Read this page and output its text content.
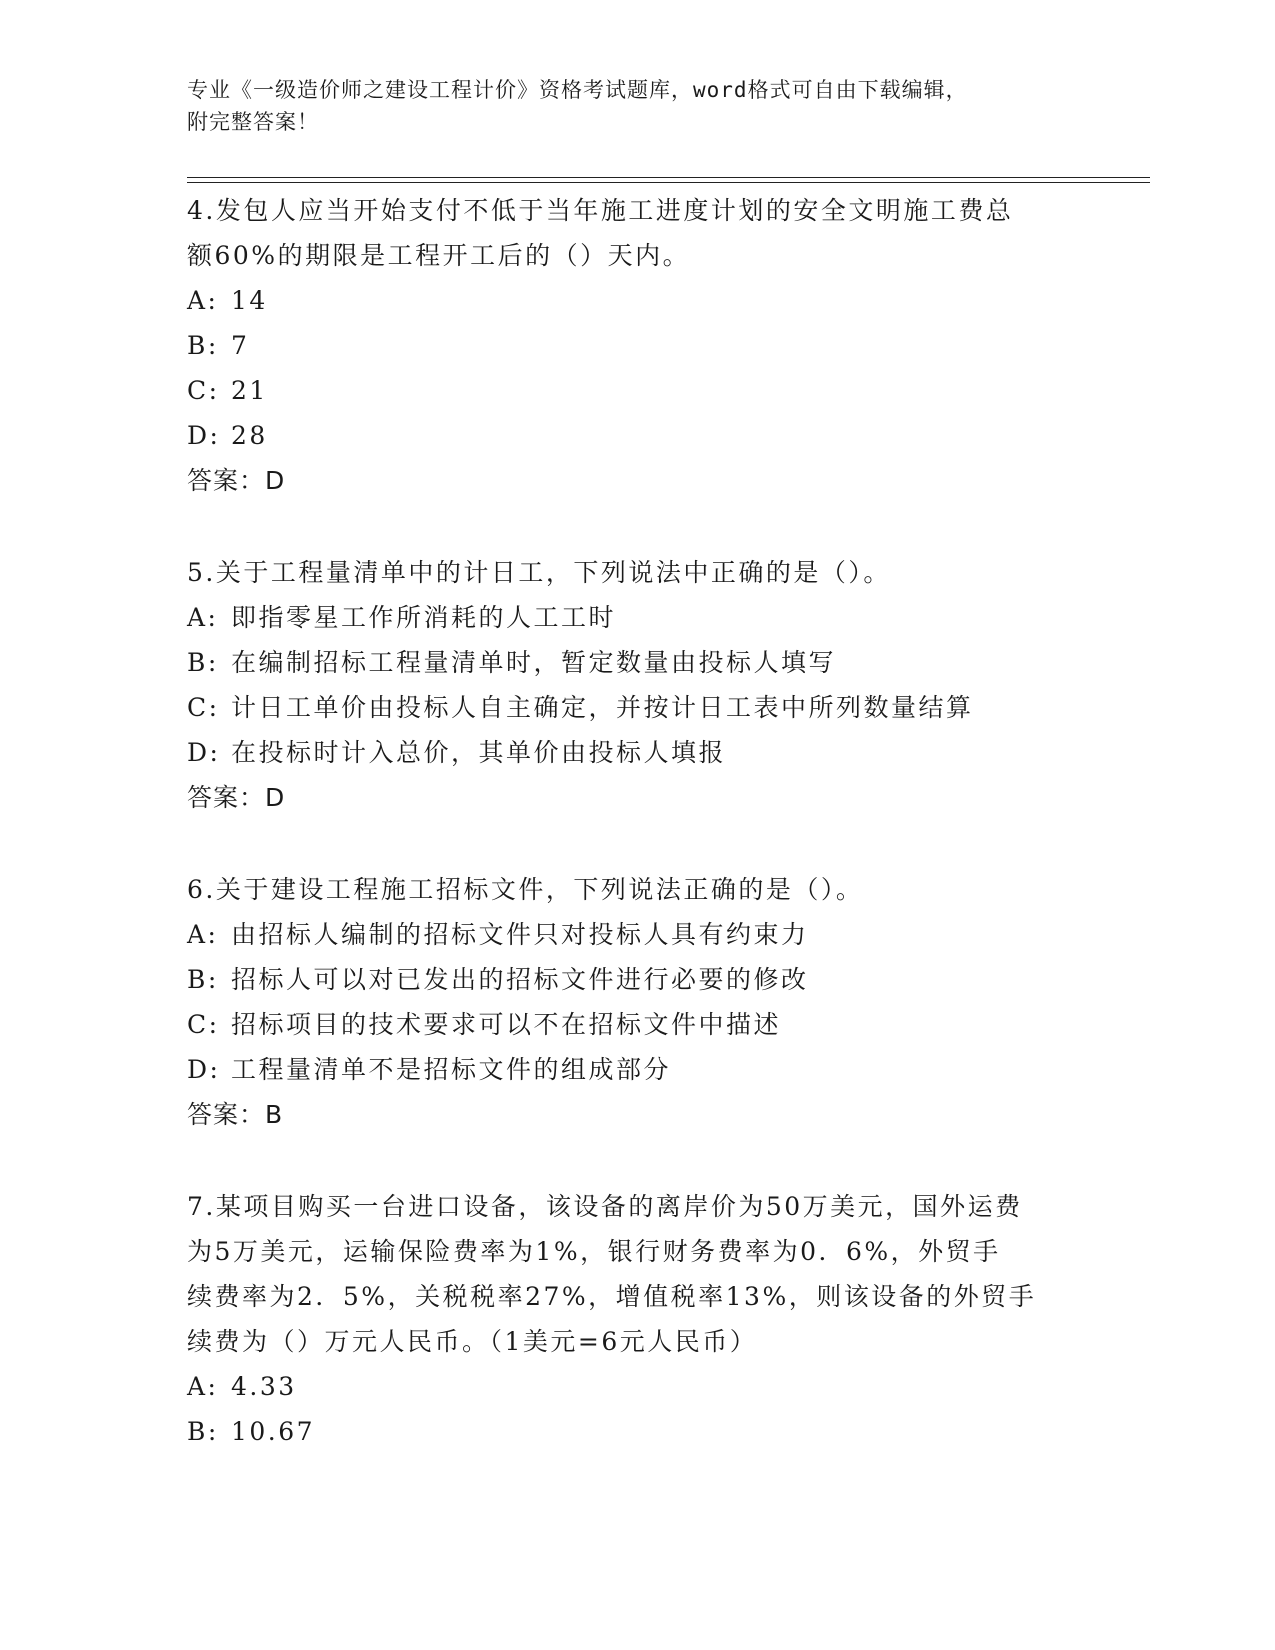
专业《一级造价师之建设工程计价》资格考试题库，word格式可自由下载编辑，
附完整答案！

4.发包人应当开始支付不低于当年施工进度计划的安全文明施工费总

额60%的期限是工程开工后的（）天内。

A: 14

B: 7

C: 21

D: 28

答案：D

5.关于工程量清单中的计日工，下列说法中正确的是（）。

A: 即指零星工作所消耗的人工工时

B: 在编制招标工程量清单时，暂定数量由投标人填写

C: 计日工单价由投标人自主确定，并按计日工表中所列数量结算

D: 在投标时计入总价，其单价由投标人填报

答案：D

6.关于建设工程施工招标文件，下列说法正确的是（）。

A: 由招标人编制的招标文件只对投标人具有约束力

B: 招标人可以对已发出的招标文件进行必要的修改

C: 招标项目的技术要求可以不在招标文件中描述

D: 工程量清单不是招标文件的组成部分

答案：B

7.某项目购买一台进口设备，该设备的离岸价为50万美元，国外运费

为5万美元，运输保险费率为1%，银行财务费率为0．6%，外贸手

续费率为2．5%，关税税率27%，增值税率13%，则该设备的外贸手

续费为（）万元人民币。（1美元=6元人民币）

A: 4.33

B: 10.67
